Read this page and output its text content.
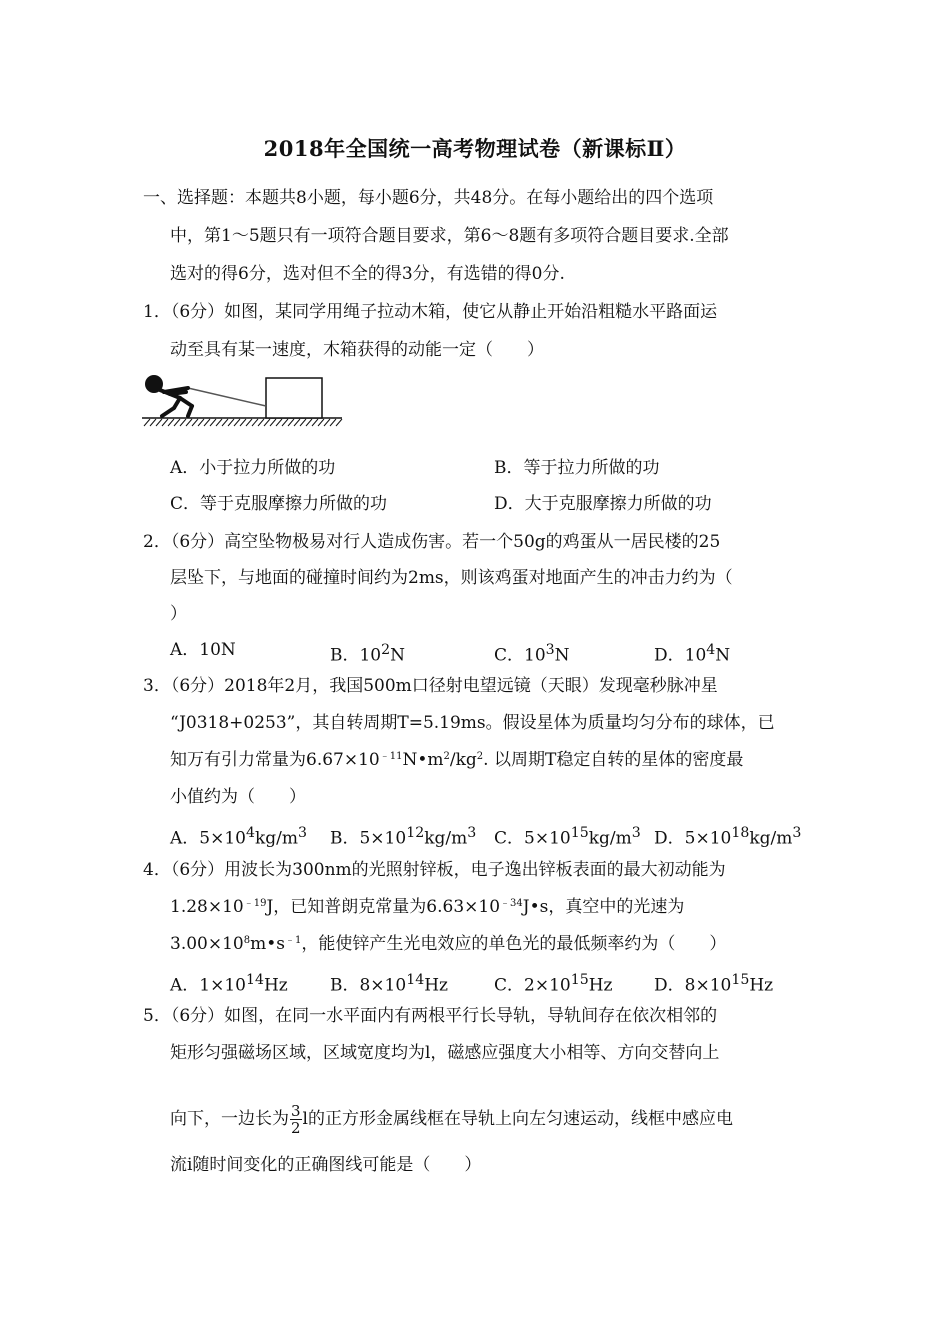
2018年全国统一高考物理试卷（新课标Ⅱ）
一、选择题：本题共8小题，每小题6分，共48分。在每小题给出的四个选项
中，第1～5题只有一项符合题目要求，第6～8题有多项符合题目要求.全部
选对的得6分，选对但不全的得3分，有选错的得0分.
1．（6分）如图，某同学用绳子拉动木箱，使它从静止开始沿粗糙水平路面运
动至具有某一速度，木箱获得的动能一定（　　）
A．小于拉力所做的功	B．等于拉力所做的功
C．等于克服摩擦力所做的功	D．大于克服摩擦力所做的功
2．（6分）高空坠物极易对行人造成伤害。若一个50g的鸡蛋从一居民楼的25
层坠下，与地面的碰撞时间约为2ms，则该鸡蛋对地面产生的冲击力约为（
）
A．10N	B．$10^2N$	C．$10^3N$	D．$10^4N$
3．（6分）2018年2月，我国500m口径射电望远镜（天眼）发现毫秒脉冲星
“J0318+0253”，其自转周期T=5.19ms。假设星体为质量均匀分布的球体，已
知万有引力常量为$6.67\times 10^{﹣11}N•m^2/kg^2$. 以周期T稳定自转的星体的密度最
小值约为（　　）
A．$5\times 10^4kg/m^3$ B．$5\times 10^{12}kg/m^3$ C．$5\times 10^{15}kg/m^3$ D．$5\times 10^{18}kg/m^3$
4．（6分）用波长为300nm的光照射锌板，电子逸出锌板表面的最大初动能为
$1.28\times 10^{﹣19}J$，已知普朗克常量为$6.63\times 10^{﹣34}J•s$，真空中的光速为
$3.00\times 10^8m•s^{﹣1}$，能使锌产生光电效应的单色光的最低频率约为（　　）
A．$1\times 10^{14}Hz$ B．$8\times 10^{14}Hz$	C．$2\times 10^{15}Hz$ D．$8\times 10^{15}Hz$
5．（6分）如图，在同一水平面内有两根平行长导轨，导轨间存在依次相邻的
矩形匀强磁场区域，区域宽度均为l，磁感应强度大小相等、方向交替向上
向下，一边长为 $\frac{3}{2}$ l的正方形金属线框在导轨上向左匀速运动，线框中感应电
流i随时间变化的正确图线可能是（　　）
